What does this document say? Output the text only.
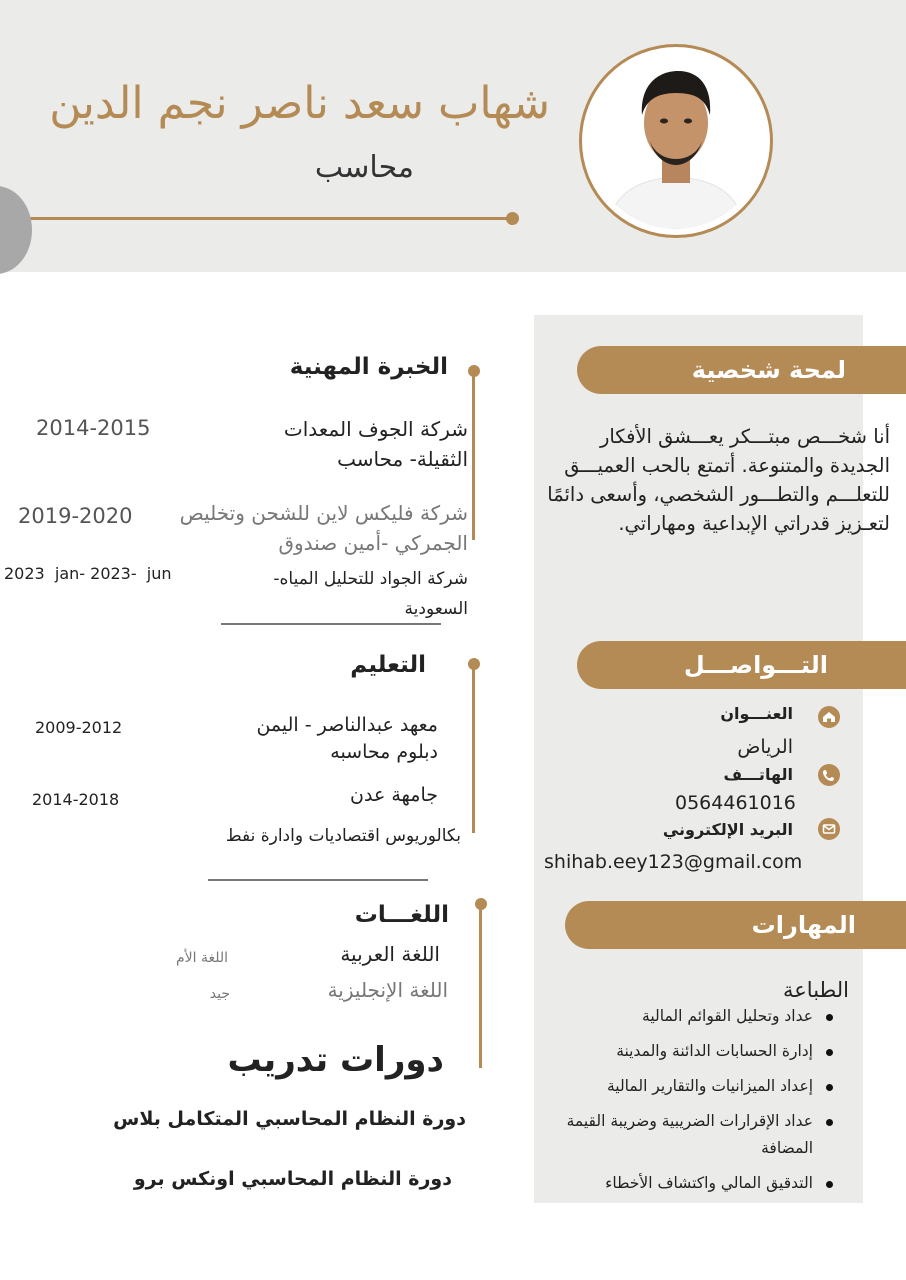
شهاب سعد ناصر نجم الدين
محاسب
لمحة شخصية
أنا شخـــص مبتـــكر يعـــشق الأفكار الجديدة والمتنوعة. أتمتع بالحب العميـــق للتعلـــم والتطـــور الشخصي، وأسعى دائمًا لتعـزيز قدراتي الإبداعية ومهاراتي.
التـــواصـــل
العنـــوان
الرياض
الهاتـــف
0564461016
البريد الإلكتروني
shihab.eey123@gmail.com
المهارات
الطباعة
عداد وتحليل القوائم المالية
إدارة الحسابات الدائنة والمدينة
إعداد الميزانيات والتقارير المالية
عداد الإقرارات الضريبية وضريبة القيمة المضافة
التدقيق المالي واكتشاف الأخطاء
الخبرة المهنية
شركة الجوف المعدات الثقيلة- محاسب
2014-2015
شركة فليكس لاين للشحن وتخليص الجمركي -أمين صندوق
2019-2020
شركة الجواد للتحليل المياه- السعودية
2023  jan- 2023-  jun
التعليم
معهد عبدالناصر - اليمن
دبلوم محاسبه
2009-2012
جامهة عدن
2014-2018
بكالوريوس اقتصاديات وادارة نفط
اللغـــات
اللغة العربية
اللغة الأم
اللغة الإنجليزية
جيد
دورات تدريب
دورة النظام المحاسبي المتكامل بلاس
دورة النظام المحاسبي اونكس برو
